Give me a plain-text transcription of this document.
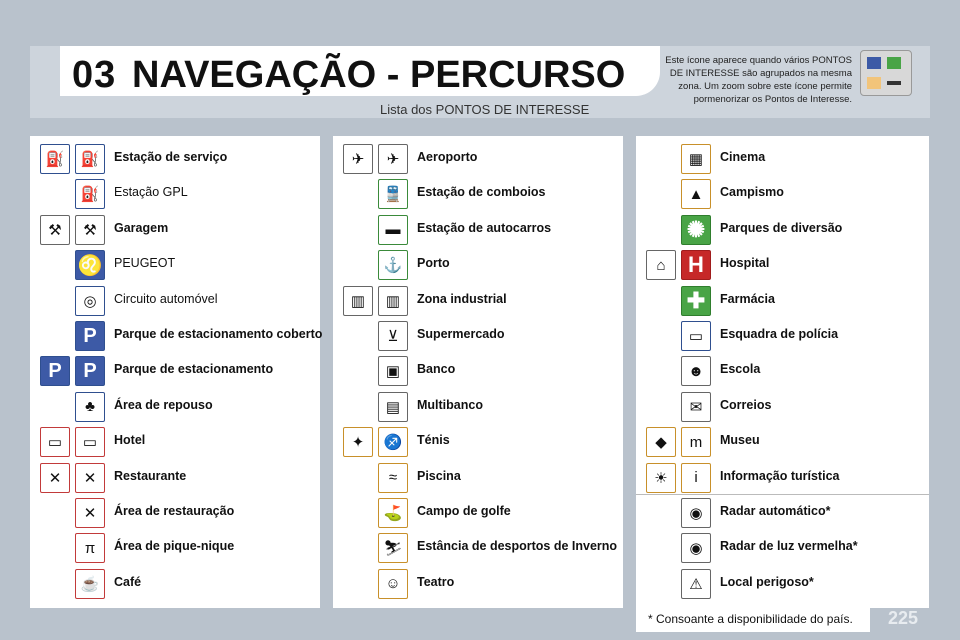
03 NAVEGAÇÃO - PERCURSO
Lista dos PONTOS DE INTERESSE
Este ícone aparece quando vários PONTOS DE INTERESSE são agrupados na mesma zona. Um zoom sobre este ícone permite pormenorizar os Pontos de Interesse.
⛽	⛽	Estação de serviço
⛽	Estação GPL
⚒	⚒	Garagem
♌ PEUGEOT
◎	Circuito automóvel
P	Parque de estacionamento coberto
P	P	Parque de estacionamento
♣	Área de repouso
▭	▭	Hotel
✕	✕	Restaurante
✕	Área de restauração
π	Área de pique-nique
☕	Café
✈	✈	Aeroporto
🚆	Estação de comboios
▬	Estação de autocarros
⚓	Porto
▥	▥	Zona industrial
⊻	Supermercado
▣	Banco
▤	Multibanco
✦	♐	Ténis
≈	Piscina
⛳	Campo de golfe
⛷	Estância de desportos de Inverno
☺	Teatro
▦	Cinema
▲	Campismo
✺	Parques de diversão
⌂	H	Hospital
✚	Farmácia
▭	Esquadra de polícia
☻	Escola
✉	Correios
◆	m	Museu
☀	i	Informação turística
◉	Radar automático*
◉	Radar de luz vermelha*
⚠	Local perigoso*
* Consoante a disponibilidade do país. 225
